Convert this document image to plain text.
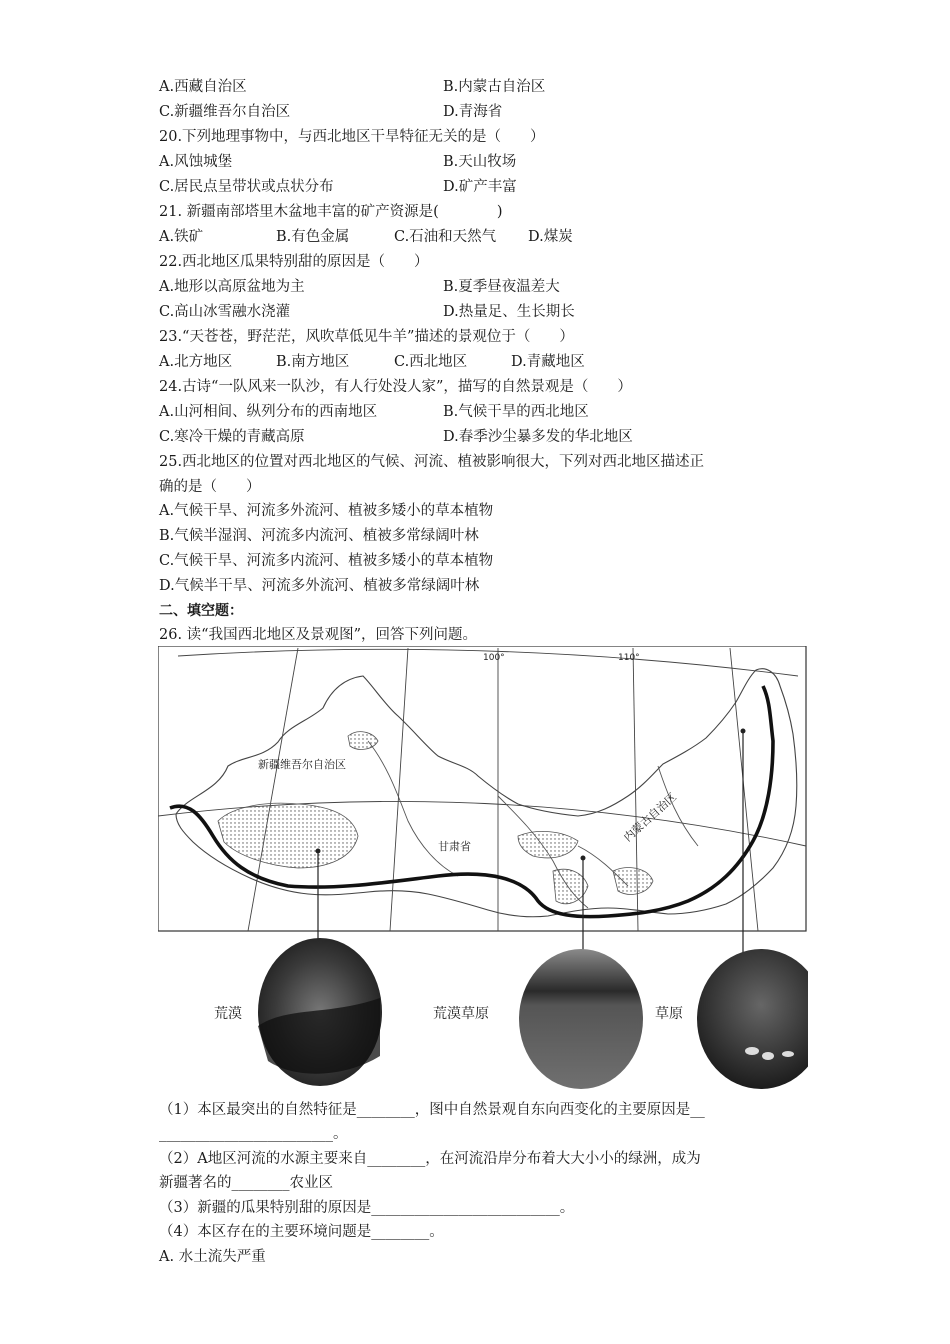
A.西藏自治区	B.内蒙古自治区
C.新疆维吾尔自治区	D.青海省
20.下列地理事物中，与西北地区干旱特征无关的是（　　）
A.风蚀城堡	B.天山牧场
C.居民点呈带状或点状分布	D.矿产丰富
21. 新疆南部塔里木盆地丰富的矿产资源是(　　　　)
A.铁矿	B.有色金属	C.石油和天然气 D.煤炭
22.西北地区瓜果特别甜的原因是（　　）
A.地形以高原盆地为主	B.夏季昼夜温差大
C.高山冰雪融水浇灌	D.热量足、生长期长
23.“天苍苍，野茫茫，风吹草低见牛羊”描述的景观位于（　　）
A.北方地区	B.南方地区	C.西北地区	D.青藏地区
24.古诗“一队风来一队沙，有人行处没人家”，描写的自然景观是（　　）
A.山河相间、纵列分布的西南地区	B.气候干旱的西北地区
C.寒冷干燥的青藏高原	D.春季沙尘暴多发的华北地区
25.西北地区的位置对西北地区的气候、河流、植被影响很大，下列对西北地区描述正
确的是（　　）
A.气候干旱、河流多外流河、植被多矮小的草本植物
B.气候半湿润、河流多内流河、植被多常绿阔叶林
C.气候干旱、河流多内流河、植被多矮小的草本植物
D.气候半干旱、河流多外流河、植被多常绿阔叶林
二、填空题：
26. 读“我国西北地区及景观图”，回答下列问题。
新疆维吾尔自治区
甘肃省
内蒙古自治区
100°	110°
荒漠	荒漠草原	草原
（1）本区最突出的自然特征是________，图中自然景观自东向西变化的主要原因是__
________________________。
（2）A地区河流的水源主要来自________，在河流沿岸分布着大大小小的绿洲，成为
新疆著名的________农业区
（3）新疆的瓜果特别甜的原因是__________________________。
（4）本区存在的主要环境问题是________。
A. 水土流失严重
